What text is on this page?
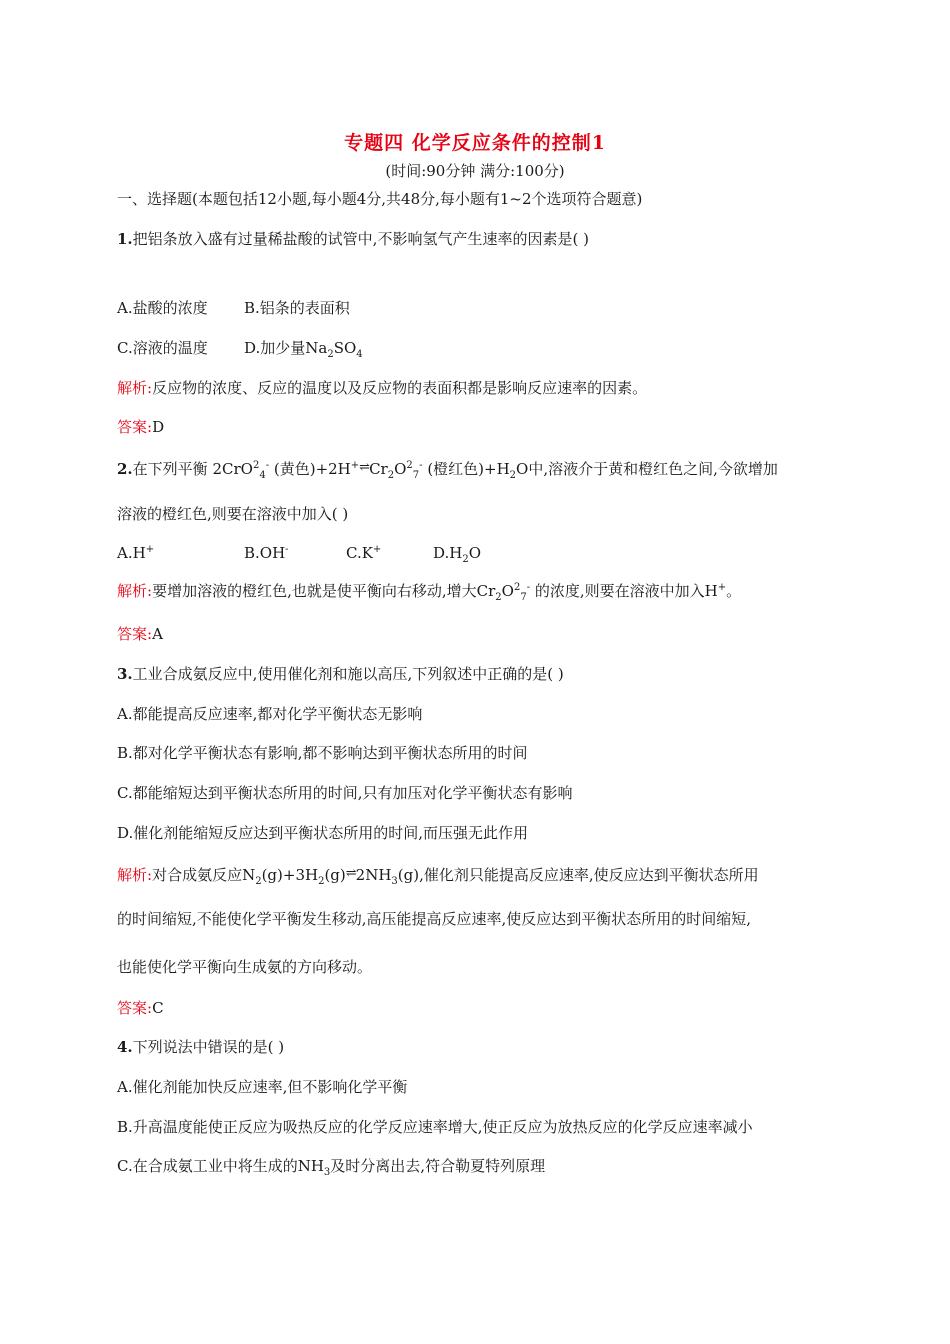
专题四 化学反应条件的控制1
(时间:90分钟 满分:100分)
一、选择题(本题包括12小题,每小题4分,共48分,每小题有1~2个选项符合题意)
1.把铝条放入盛有过量稀盐酸的试管中,不影响氢气产生速率的因素是( )
A.盐酸的浓度 B.铝条的表面积
C.溶液的温度 D.加少量$Na_2SO_4$
解析:反应物的浓度、反应的温度以及反应物的表面积都是影响反应速率的因素。
答案:D
2.在下列平衡 2CrO$^2_4$- (黄色)$+2H^+\rightleftharpoons Cr_2O^2_7^-$ (橙红色)$+H_2O$中,溶液介于黄和橙红色之间,今欲增加
溶液的橙红色,则要在溶液中加入( )
A.H+	B.OH-	C.K+	$D.H_2O$
解析:要增加溶液的橙红色,也就是使平衡向右移动,增大$Cr_2O^2_7^-$ 的浓度,则要在溶液中加入H+。
答案:A
3.工业合成氨反应中,使用催化剂和施以高压,下列叙述中正确的是( )
A.都能提高反应速率,都对化学平衡状态无影响
B.都对化学平衡状态有影响,都不影响达到平衡状态所用的时间
C.都能缩短达到平衡状态所用的时间,只有加压对化学平衡状态有影响
D.催化剂能缩短反应达到平衡状态所用的时间,而压强无此作用
解析:对合成氨反应$N_2(g)+3H_2(g)\rightleftharpoons 2NH_3(g)$,催化剂只能提高反应速率,使反应达到平衡状态所用
的时间缩短,不能使化学平衡发生移动,高压能提高反应速率,使反应达到平衡状态所用的时间缩短,
也能使化学平衡向生成氨的方向移动。
答案:C
4.下列说法中错误的是( )
A.催化剂能加快反应速率,但不影响化学平衡
B.升高温度能使正反应为吸热反应的化学反应速率增大,使正反应为放热反应的化学反应速率减小
C.在合成氨工业中将生成的$NH_3$及时分离出去,符合勒夏特列原理
